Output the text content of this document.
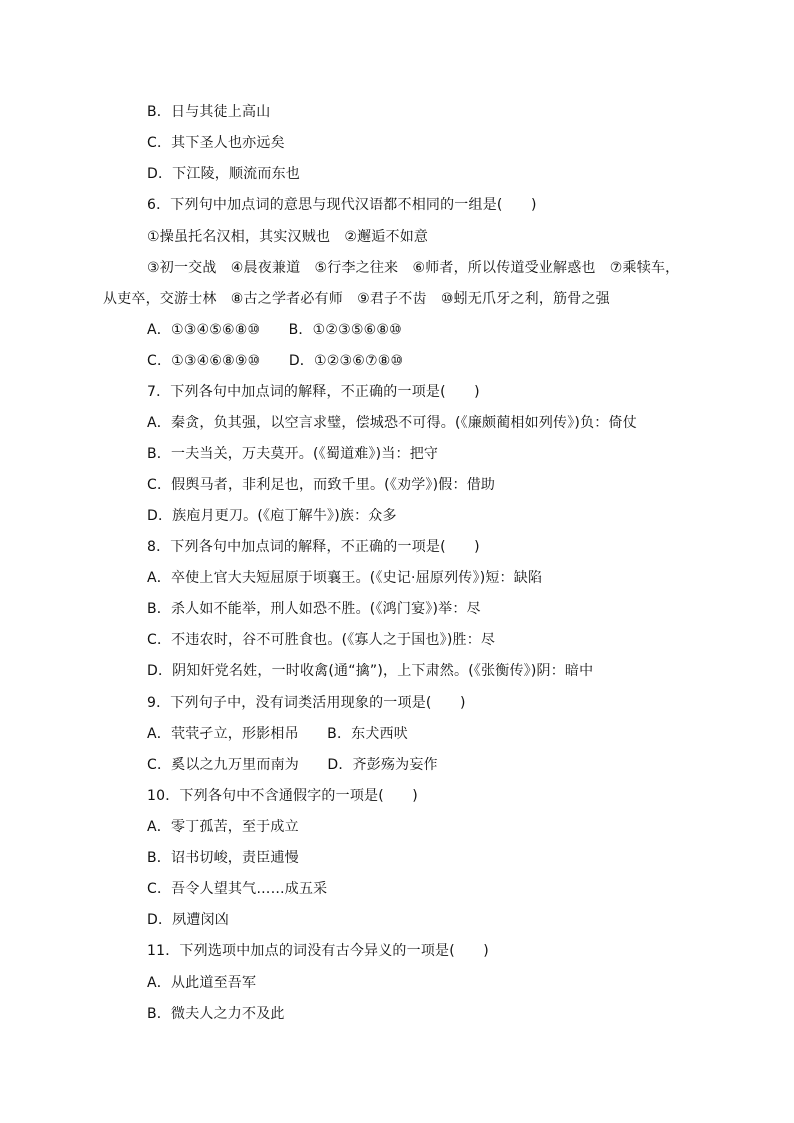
B．日与其徒上高山
C．其下圣人也亦远矣
D．下江陵，顺流而东也
6．下列句中加点词的意思与现代汉语都不相同的一组是(　　)
①操虽托名汉相，其实汉贼也　②邂逅不如意
③初一交战　④晨夜兼道　⑤行李之往来　⑥师者，所以传道受业解惑也　⑦乘犊车，
从吏卒，交游士林　⑧古之学者必有师　⑨君子不齿　⑩蚓无爪牙之利，筋骨之强
A．①③④⑤⑥⑧⑩　　B．①②③⑤⑥⑧⑩
C．①③④⑥⑧⑨⑩　　D．①②③⑥⑦⑧⑩
7．下列各句中加点词的解释，不正确的一项是(　　)
A．秦贪，负其强，以空言求璧，偿城恐不可得。(《廉颇蔺相如列传》)负：倚仗
B．一夫当关，万夫莫开。(《蜀道难》)当：把守
C．假舆马者，非利足也，而致千里。(《劝学》)假：借助
D．族庖月更刀。(《庖丁解牛》)族：众多
8．下列各句中加点词的解释，不正确的一项是(　　)
A．卒使上官大夫短屈原于顷襄王。(《史记·屈原列传》)短：缺陷
B．杀人如不能举，刑人如恐不胜。(《鸿门宴》)举：尽
C．不违农时，谷不可胜食也。(《寡人之于国也》)胜：尽
D．阴知奸党名姓，一时收禽(通“擒”)，上下肃然。(《张衡传》)阴：暗中
9．下列句子中，没有词类活用现象的一项是(　　)
A．茕茕孑立，形影相吊　　B．东犬西吠
C．奚以之九万里而南为　　D．齐彭殇为妄作
10．下列各句中不含通假字的一项是(　　)
A．零丁孤苦，至于成立
B．诏书切峻，责臣逋慢
C．吾令人望其气……成五采
D．夙遭闵凶
11．下列选项中加点的词没有古今异义的一项是(　　)
A．从此道至吾军
B．微夫人之力不及此
